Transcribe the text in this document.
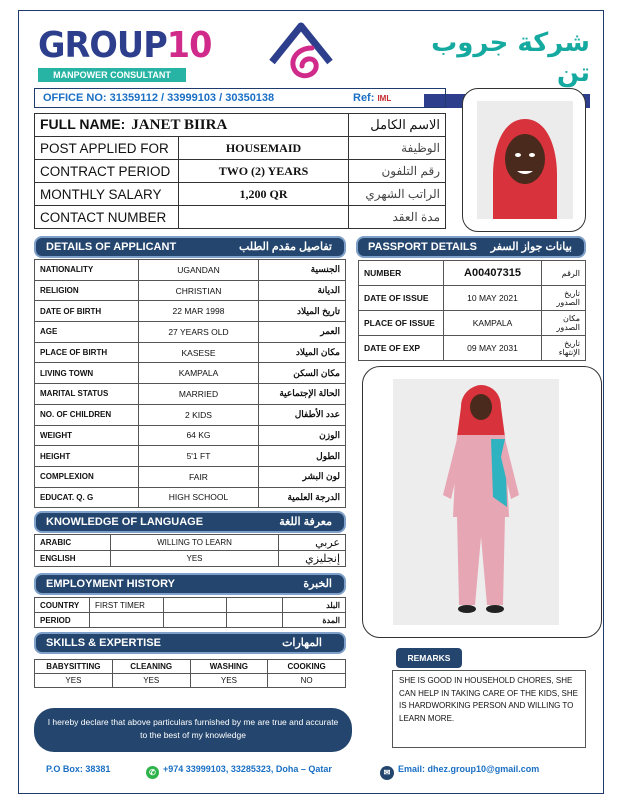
GROUP10
MANPOWER CONSULTANT
شركة جروب تن
OFFICE NO: 31359112 / 33999103 / 30350138	Ref: IML
FULL NAME: JANET BIIRA		الاسم الكامل
POST APPLIED FOR	HOUSEMAID	الوظيفة
CONTRACT PERIOD	TWO (2) YEARS	رقم التلفون
MONTHLY SALARY	1,200 QR	الراتب الشهري
CONTACT NUMBER		مدة العقد
DETAILS OF APPLICANT	تفاصيل مقدم الطلب
NATIONALITY	UGANDAN	الجنسية
RELIGION	CHRISTIAN	الديانة
DATE OF BIRTH	22 MAR 1998	تاريخ الميلاد
AGE	27 YEARS OLD	العمر
PLACE OF BIRTH	KASESE	مكان الميلاد
LIVING TOWN	KAMPALA	مكان السكن
MARITAL STATUS	MARRIED	الحالة الإجتماعية
NO. OF CHILDREN	2 KIDS	عدد الأطفال
WEIGHT	64 KG	الوزن
HEIGHT	5'1 FT	الطول
COMPLEXION	FAIR	لون البشر
EDUCAT. Q. G	HIGH SCHOOL	الدرجة العلمية
PASSPORT DETAILS بيانات جواز السفر
NUMBER	A00407315	الرقم
DATE OF ISSUE	10 MAY 2021	تاريخ الصدور
PLACE OF ISSUE	KAMPALA	مكان الصدور
DATE OF EXP	09 MAY 2031	تاريخ الإنتهاء
KNOWLEDGE OF LANGUAGE	معرفة اللغة
ARABIC	WILLING TO LEARN	عربي
ENGLISH	YES	إنجليزي
EMPLOYMENT HISTORY	الخبرة
COUNTRY	FIRST TIMER			البلد
PERIOD				المدة
SKILLS & EXPERTISE	المهارات
BABYSITTING	CLEANING	WASHING	COOKING
YES	YES	YES	NO
REMARKS
SHE IS GOOD IN HOUSEHOLD CHORES, SHE CAN HELP IN TAKING CARE OF THE KIDS, SHE IS HARDWORKING PERSON AND WILLING TO LEARN MORE.
I hereby declare that above particulars furnished by me are true and accurate to the best of my knowledge
P.O Box: 38381	✆ +974 33999103, 33285323, Doha – Qatar	✉ Email: dhez.group10@gmail.com
